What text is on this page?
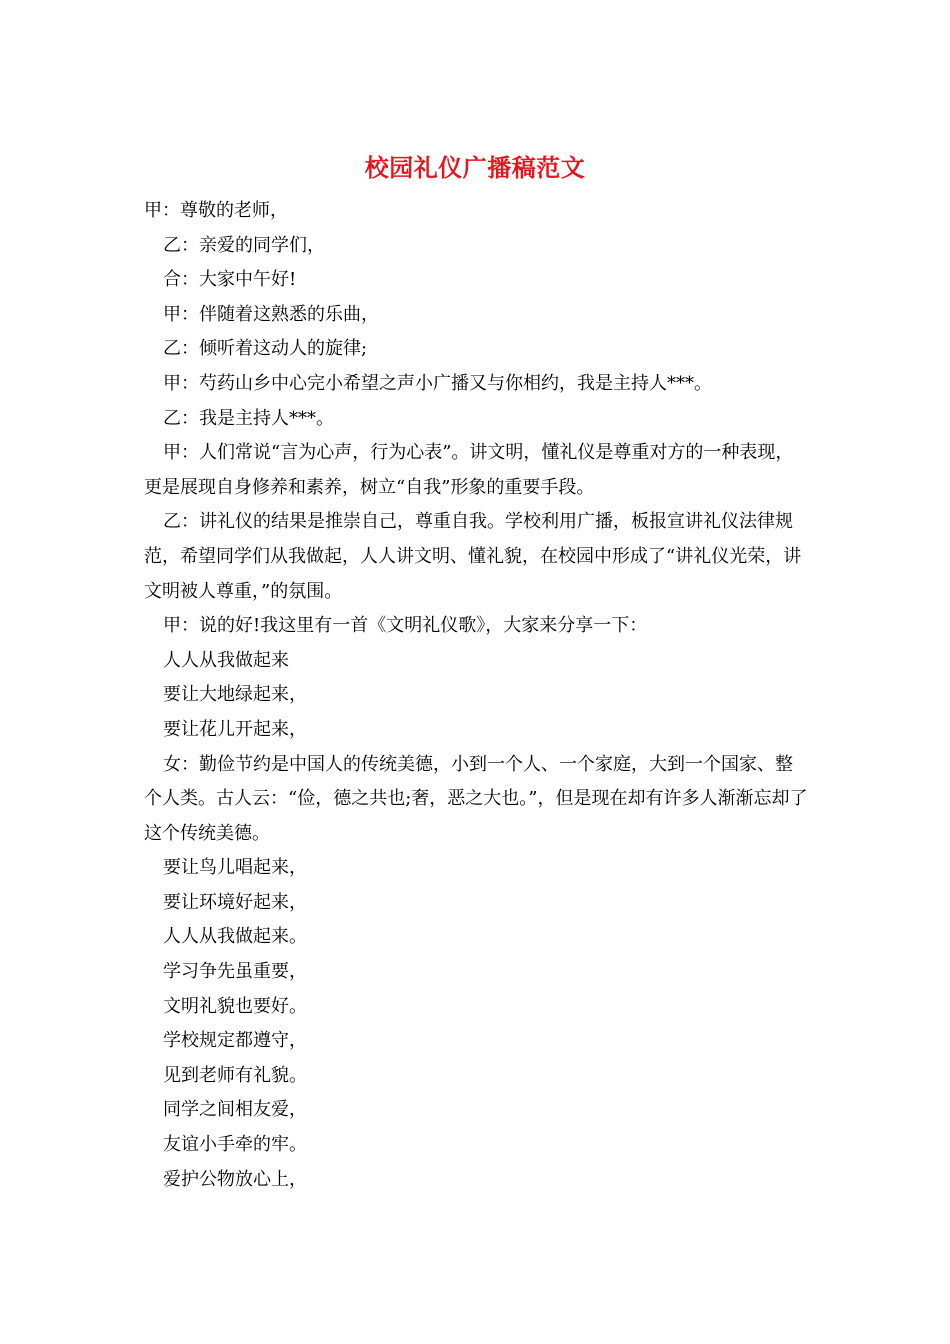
校园礼仪广播稿范文

甲：尊敬的老师，

乙：亲爱的同学们，

合：大家中午好!

甲：伴随着这熟悉的乐曲，

乙：倾听着这动人的旋律;

甲：芍药山乡中心完小希望之声小广播又与你相约，我是主持人***。

乙：我是主持人***。

甲：人们常说“言为心声，行为心表”。讲文明，懂礼仪是尊重对方的一种表现，更是展现自身修养和素养，树立“自我”形象的重要手段。

乙：讲礼仪的结果是推崇自己，尊重自我。学校利用广播，板报宣讲礼仪法律规范，希望同学们从我做起，人人讲文明、懂礼貌，在校园中形成了“讲礼仪光荣，讲文明被人尊重，”的氛围。

甲：说的好!我这里有一首《文明礼仪歌》，大家来分享一下：

人人从我做起来

要让大地绿起来，

要让花儿开起来，

女：勤俭节约是中国人的传统美德，小到一个人、一个家庭，大到一个国家、整个人类。古人云：“俭，德之共也;奢，恶之大也。”，但是现在却有许多人渐渐忘却了这个传统美德。

要让鸟儿唱起来，

要让环境好起来，

人人从我做起来。

学习争先虽重要，

文明礼貌也要好。

学校规定都遵守，

见到老师有礼貌。

同学之间相友爱，

友谊小手牵的牢。

爱护公物放心上，
